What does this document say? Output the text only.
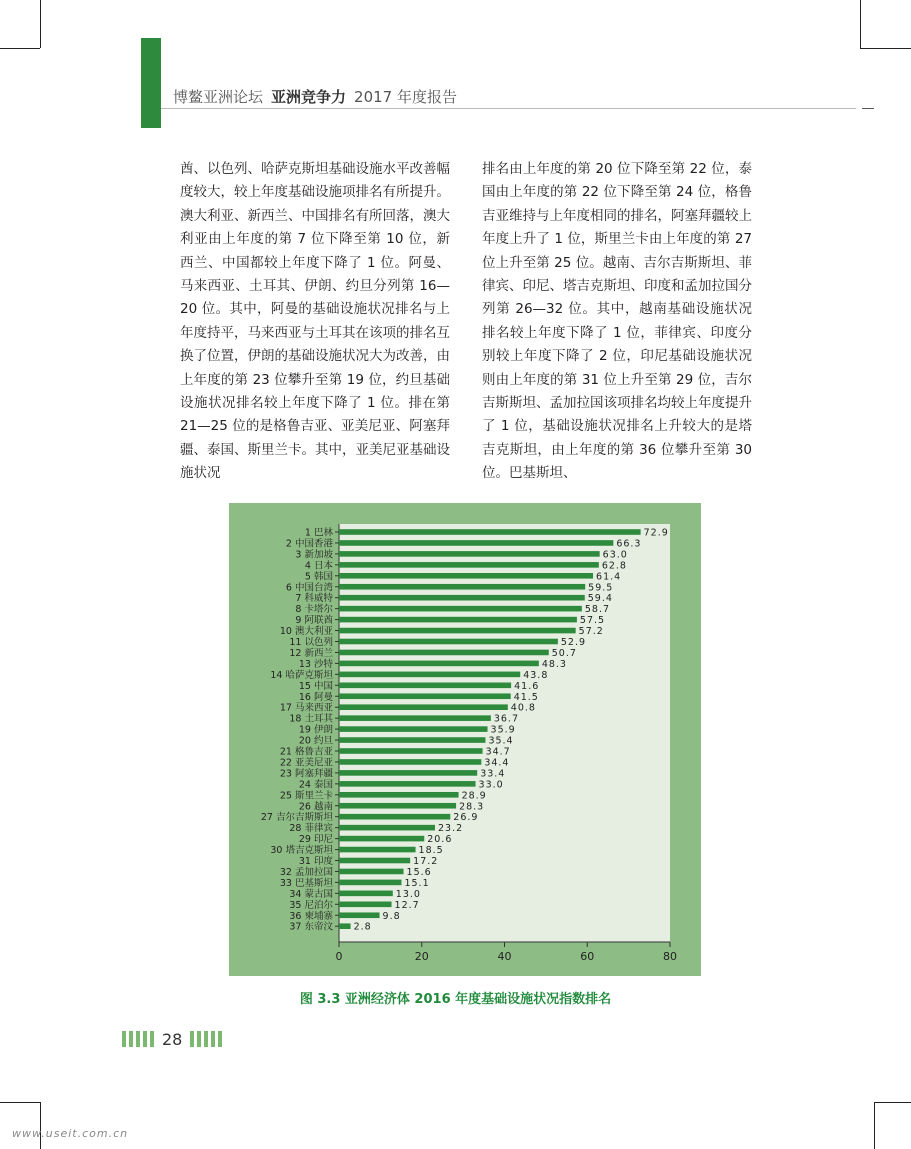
博鳌亚洲论坛 亚洲竞争力 2017 年度报告
酋、以色列、哈萨克斯坦基础设施水平改善幅度较大，较上年度基础设施项排名有所提升。澳大利亚、新西兰、中国排名有所回落，澳大利亚由上年度的第 7 位下降至第 10 位，新西兰、中国都较上年度下降了 1 位。阿曼、马来西亚、土耳其、伊朗、约旦分列第 16—20 位。其中，阿曼的基础设施状况排名与上年度持平，马来西亚与土耳其在该项的排名互换了位置，伊朗的基础设施状况大为改善，由上年度的第 23 位攀升至第 19 位，约旦基础设施状况排名较上年度下降了 1 位。排在第 21—25 位的是格鲁吉亚、亚美尼亚、阿塞拜疆、泰国、斯里兰卡。其中，亚美尼亚基础设施状况
排名由上年度的第 20 位下降至第 22 位，泰国由上年度的第 22 位下降至第 24 位，格鲁吉亚维持与上年度相同的排名，阿塞拜疆较上年度上升了 1 位，斯里兰卡由上年度的第 27 位上升至第 25 位。越南、吉尔吉斯斯坦、菲律宾、印尼、塔吉克斯坦、印度和孟加拉国分列第 26—32 位。其中，越南基础设施状况排名较上年度下降了 1 位，菲律宾、印度分别较上年度下降了 2 位，印尼基础设施状况则由上年度的第 31 位上升至第 29 位，吉尔吉斯斯坦、孟加拉国该项排名均较上年度提升了 1 位，基础设施状况排名上升较大的是塔吉克斯坦，由上年度的第 36 位攀升至第 30 位。巴基斯坦、
1 巴林	72.9
2 中国香港	66.3
3 新加坡	63.0
4 日本	62.8
5 韩国	61.4
6 中国台湾	59.5
7 科威特	59.4
8 卡塔尔	58.7
9 阿联酋	57.5
10 澳大利亚	57.2
11 以色列	52.9
12 新西兰	50.7
13 沙特	48.3
14 哈萨克斯坦	43.8
15 中国	41.6
16 阿曼	41.5
17 马来西亚	40.8
18 土耳其	36.7
19 伊朗	35.9
20 约旦	35.4
21 格鲁吉亚	34.7
22 亚美尼亚	34.4
23 阿塞拜疆	33.4
24 泰国	33.0
25 斯里兰卡	28.9
26 越南	28.3
27 吉尔吉斯斯坦	26.9
28 菲律宾	23.2
29 印尼	20.6
30 塔吉克斯坦	18.5
31 印度	17.2
32 孟加拉国	15.6
33 巴基斯坦	15.1
34 蒙古国	13.0
35 尼泊尔	12.7
36 柬埔寨	9.8
37 东帝汶 2.8
0	20	40	60	80
图 3.3 亚洲经济体 2016 年度基础设施状况指数排名
28
www.useit.com.cn
